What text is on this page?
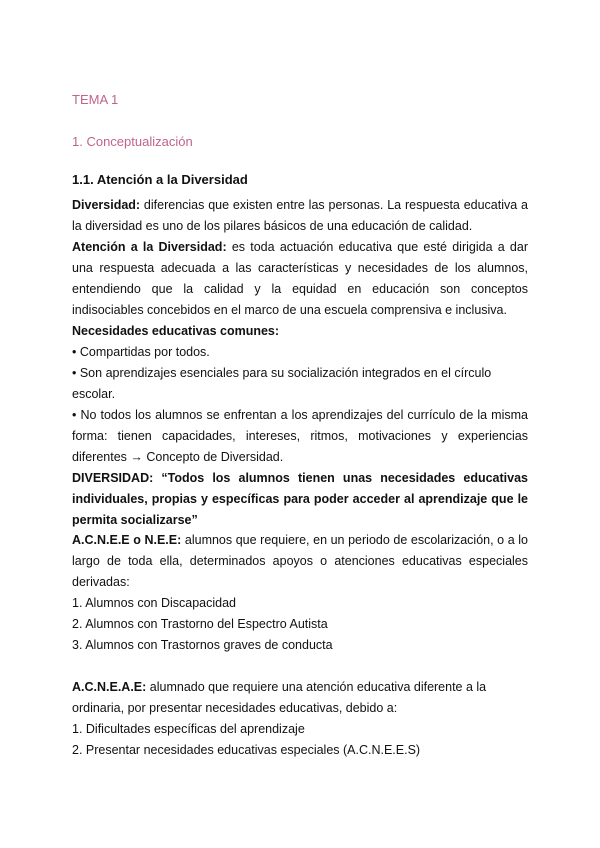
TEMA 1
1. Conceptualización
1.1. Atención a la Diversidad

Diversidad: diferencias que existen entre las personas. La respuesta educativa a la diversidad es uno de los pilares básicos de una educación de calidad.

Atención a la Diversidad: es toda actuación educativa que esté dirigida a dar una respuesta adecuada a las características y necesidades de los alumnos, entendiendo que la calidad y la equidad en educación son conceptos indisociables concebidos en el marco de una escuela comprensiva e inclusiva.

Necesidades educativas comunes:

• Compartidas por todos.

• Son aprendizajes esenciales para su socialización integrados en el círculo escolar.

• No todos los alumnos se enfrentan a los aprendizajes del currículo de la misma forma: tienen capacidades, intereses, ritmos, motivaciones y experiencias diferentes → Concepto de Diversidad.

DIVERSIDAD: “Todos los alumnos tienen unas necesidades educativas individuales, propias y específicas para poder acceder al aprendizaje que le permita socializarse”

A.C.N.E.E o N.E.E: alumnos que requiere, en un periodo de escolarización, o a lo largo de toda ella, determinados apoyos o atenciones educativas especiales derivadas:

1. Alumnos con Discapacidad

2. Alumnos con Trastorno del Espectro Autista

3. Alumnos con Trastornos graves de conducta

A.C.N.E.A.E: alumnado que requiere una atención educativa diferente a la ordinaria, por presentar necesidades educativas, debido a:

1. Dificultades específicas del aprendizaje

2. Presentar necesidades educativas especiales (A.C.N.E.E.S)
